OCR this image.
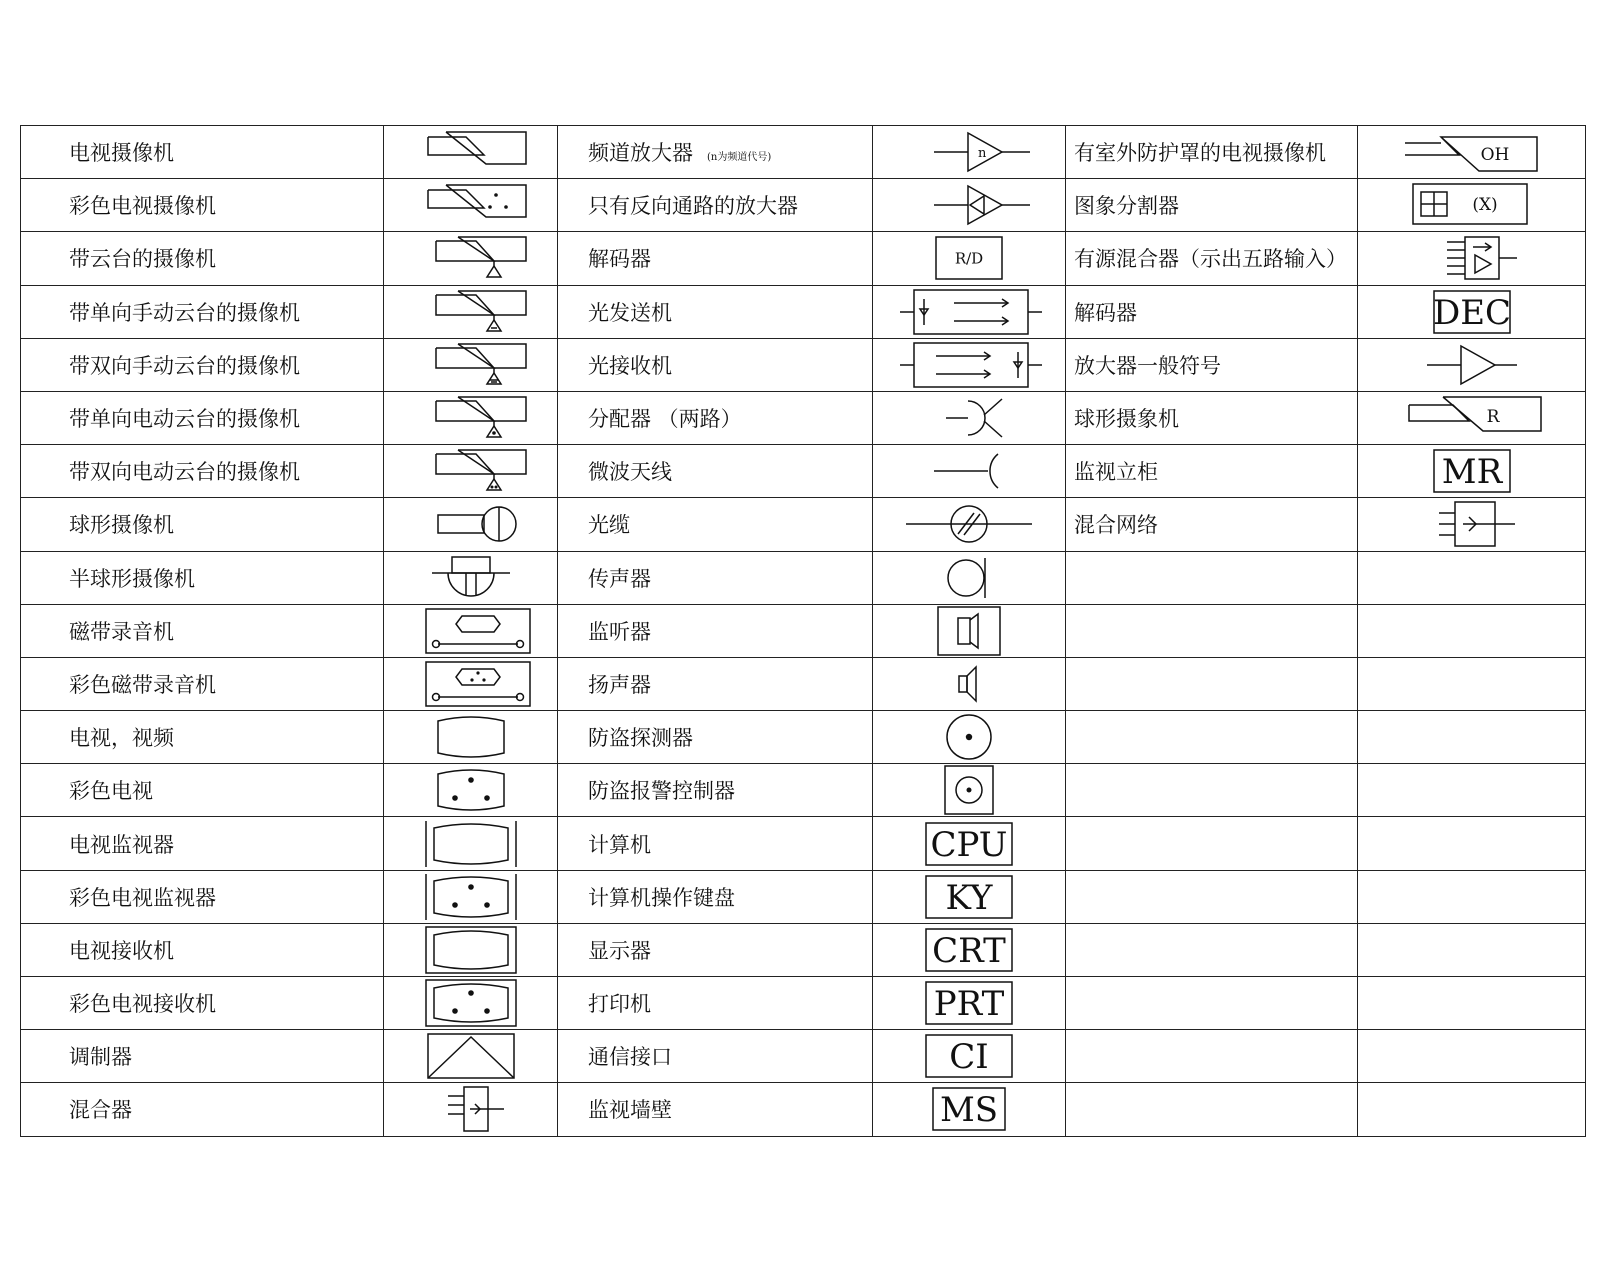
电视摄像机		频道放大器 (n为频道代号)	n	有室外防护罩的电视摄像机	OH

彩色电视摄像机		只有反向通路的放大器		图象分割器	(X)

带云台的摄像机		解码器	R/D	有源混合器（示出五路输入）	

带单向手动云台的摄像机		光发送机		解码器	DEC

带双向手动云台的摄像机		光接收机		放大器一般符号	

带单向电动云台的摄像机		分配器 （两路）		球形摄象机	R

带双向电动云台的摄像机		微波天线		监视立柜	MR

球形摄像机		光缆		混合网络	

半球形摄像机		传声器	

磁带录音机		监听器	

彩色磁带录音机		扬声器	

电视，视频		防盗探测器	

彩色电视		防盗报警控制器	

电视监视器		计算机	CPU		

彩色电视监视器		计算机操作键盘	KY		

电视接收机		显示器	CRT		

彩色电视接收机		打印机	PRT		

调制器		通信接口	CI		

混合器		监视墙壁	MS		
